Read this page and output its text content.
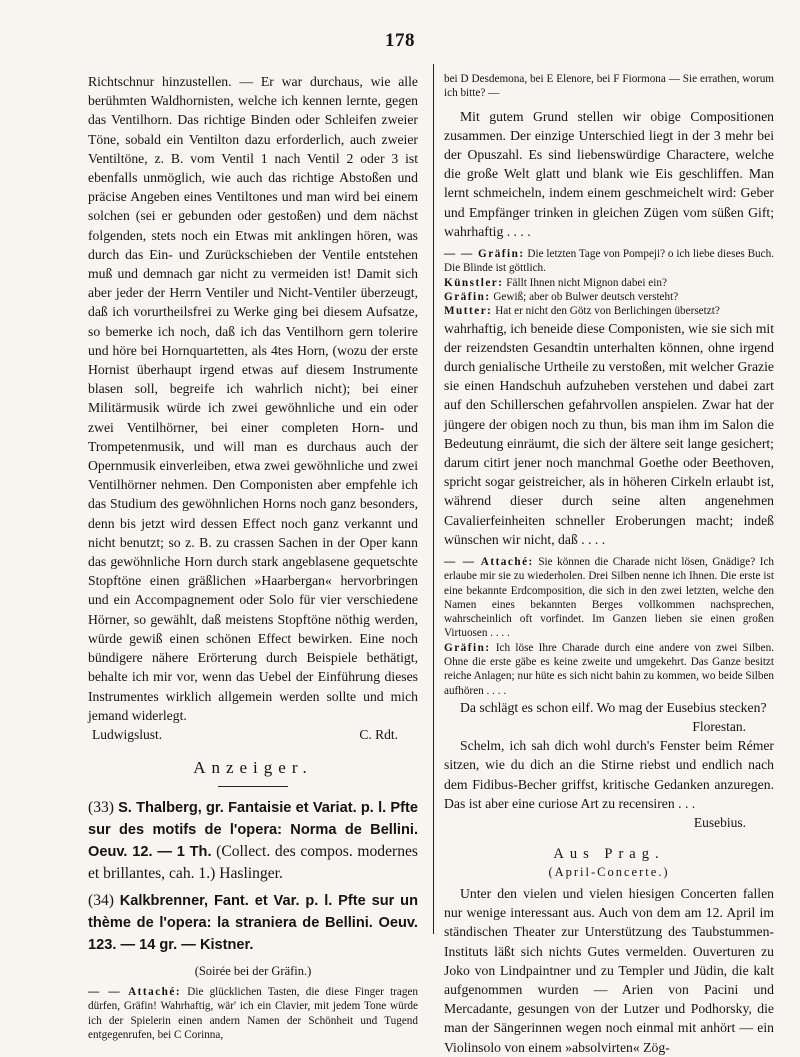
178

Richtschnur hinzustellen. — Er war durchaus, wie alle berühmten Waldhornisten, welche ich kennen lernte, gegen das Ventilhorn. Das richtige Binden oder Schleifen zweier Töne, sobald ein Ventilton dazu erforderlich, auch zweier Ventiltöne, z. B. vom Ventil 1 nach Ventil 2 oder 3 ist ebenfalls unmöglich, wie auch das richtige Abstoßen und präcise Angeben eines Ventiltones und man wird bei einem solchen (sei er gebunden oder gestoßen) und dem nächst folgenden, stets noch ein Etwas mit anklingen hören, was durch das Ein- und Zurückschieben der Ventile entstehen muß und demnach gar nicht zu vermeiden ist! Damit sich aber jeder der Herrn Ventiler und Nicht-Ventiler überzeugt, daß ich vorurtheilsfrei zu Werke ging bei diesem Aufsatze, so bemerke ich noch, daß ich das Ventilhorn gern tolerire und höre bei Hornquartetten, als 4tes Horn, (wozu der erste Hornist überhaupt irgend etwas auf diesem Instrumente blasen soll, begreife ich wahrlich nicht); bei einer Militärmusik würde ich zwei gewöhnliche und ein oder zwei Ventilhörner, bei einer completen Horn- und Trompetenmusik, und will man es durchaus auch der Opernmusik einverleiben, etwa zwei gewöhnliche und zwei Ventilhörner nehmen. Den Componisten aber empfehle ich das Studium des gewöhnlichen Horns noch ganz besonders, denn bis jetzt wird dessen Effect noch ganz verkannt und nicht benutzt; so z. B. zu crassen Sachen in der Oper kann das gewöhnliche Horn durch stark angeblasene gequetschte Stopftöne einen gräßlichen »Haarbergan« hervorbringen und ein Accompagnement oder Solo für vier verschiedene Hörner, so gewählt, daß meistens Stopftöne nöthig werden, würde gewiß einen schönen Effect bewirken. Eine noch bündigere nähere Erörterung durch Beispiele bethätigt, behalte ich mir vor, wenn das Uebel der Einführung dieses Instrumentes wirklich allgemein werden sollte und mich jemand widerlegt.

Ludwigslust.	C. Rdt.
Anzeiger.

(33) S. Thalberg, gr. Fantaisie et Variat. p. l. Pfte sur des motifs de l'opera: Norma de Bellini. Oeuv. 12. — 1 Th. (Collect. des compos. modernes et brillantes, cah. 1.) Haslinger.

(34) Kalkbrenner, Fant. et Var. p. l. Pfte sur un thème de l'opera: la straniera de Bellini. Oeuv. 123. — 14 gr. — Kistner.

(Soirée bei der Gräfin.)

— — Attaché: Die glücklichen Tasten, die diese Finger tragen dürfen, Gräfin! Wahrhaftig, wär' ich ein Clavier, mit jedem Tone würde ich der Spielerin einen andern Namen der Schönheit und Tugend entgegenrufen, bei C Corinna,

bei D Desdemona, bei E Elenore, bei F Fiormona — Sie errathen, worum ich bitte? —

Mit gutem Grund stellen wir obige Compositionen zusammen. Der einzige Unterschied liegt in der 3 mehr bei der Opuszahl. Es sind liebenswürdige Charactere, welche die große Welt glatt und blank wie Eis geschliffen. Man lernt schmeicheln, indem einem geschmeichelt wird: Geber und Empfänger trinken in gleichen Zügen vom süßen Gift; wahrhaftig . . . .

— — Gräfin: Die letzten Tage von Pompeji? o ich liebe dieses Buch. Die Blinde ist göttlich.

Künstler: Fällt Ihnen nicht Mignon dabei ein?

Gräfin: Gewiß; aber ob Bulwer deutsch versteht?

Mutter: Hat er nicht den Götz von Berlichingen übersetzt?

wahrhaftig, ich beneide diese Componisten, wie sie sich mit der reizendsten Gesandtin unterhalten können, ohne irgend durch genialische Urtheile zu verstoßen, mit welcher Grazie sie einen Handschuh aufzuheben verstehen und dabei zart auf den Schillerschen gefahrvollen anspielen. Zwar hat der jüngere der obigen noch zu thun, bis man ihm im Salon die Bedeutung einräumt, die sich der ältere seit lange gesichert; darum citirt jener noch manchmal Goethe oder Beethoven, spricht sogar geistreicher, als in höheren Cirkeln erlaubt ist, während dieser durch seine alten angenehmen Cavalierfeinheiten schneller Eroberungen macht; indeß wünschen wir nicht, daß . . . .

— — Attaché: Sie können die Charade nicht lösen, Gnädige? Ich erlaube mir sie zu wiederholen. Drei Silben nenne ich Ihnen. Die erste ist eine bekannte Erdcomposition, die sich in den zwei letzten, welche den Namen eines bekannten Berges vollkommen nachsprechen, wahrscheinlich oft vorfindet. Im Ganzen lieben sie einen großen Virtuosen . . . .

Gräfin: Ich löse Ihre Charade durch eine andere von zwei Silben. Ohne die erste gäbe es keine zweite und umgekehrt. Das Ganze besitzt reiche Anlagen; nur hüte es sich nicht bahin zu kommen, wo beide Silben aufhören . . . .

Da schlägt es schon eilf. Wo mag der Eusebius stecken?

Florestan.

Schelm, ich sah dich wohl durch's Fenster beim Rémer sitzen, wie du dich an die Stirne riebst und endlich nach dem Fidibus-Becher griffst, kritische Gedanken anzuregen. Das ist aber eine curiose Art zu recensiren . . .

Eusebius.
Aus Prag.
(April-Concerte.)

Unter den vielen und vielen hiesigen Concerten fallen nur wenige interessant aus. Auch von dem am 12. April im ständischen Theater zur Unterstützung des Taubstummen-Instituts läßt sich nichts Gutes vermelden. Ouverturen zu Joko von Lindpaintner und zu Templer und Jüdin, die kalt aufgenommen wurden — Arien von Pacini und Mercadante, gesungen von der Lutzer und Podhorsky, die man der Sängerinnen wegen noch einmal mit anhört — ein Violinsolo von einem »absolvirten« Zög-
